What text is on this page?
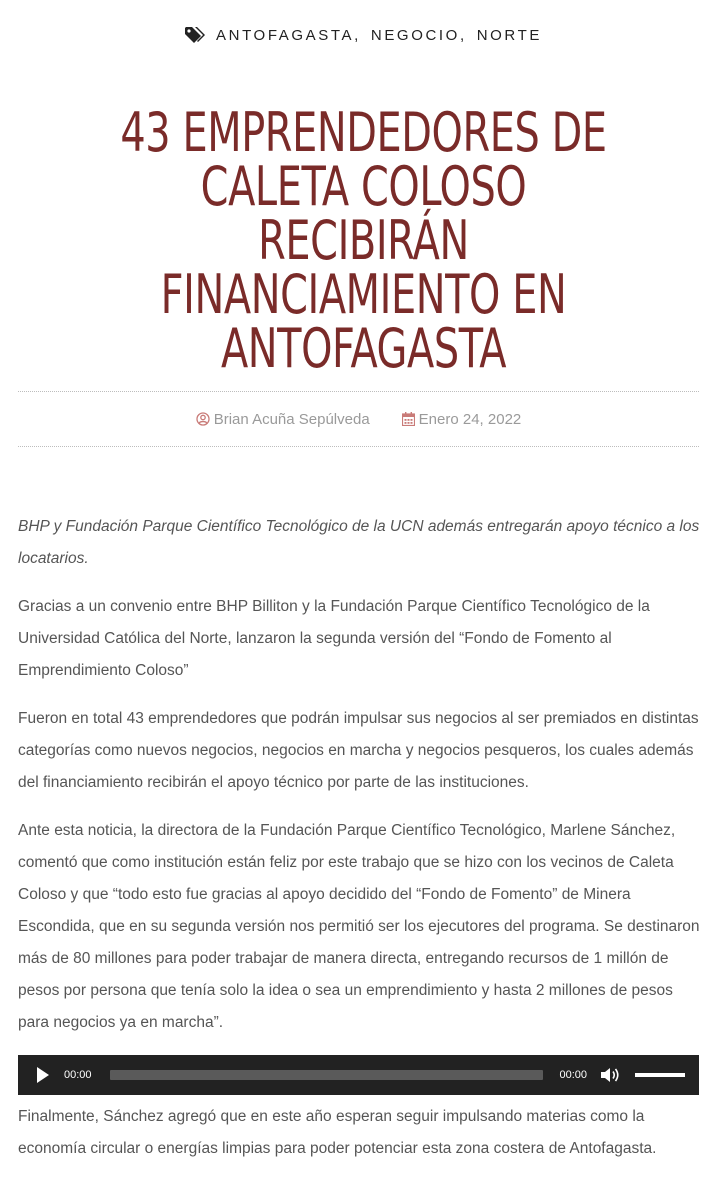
ANTOFAGASTA , NEGOCIO , NORTE
43 EMPRENDEDORES DE CALETA COLOSO RECIBIRÁN FINANCIAMIENTO EN ANTOFAGASTA
Brian Acuña Sepúlveda	Enero 24, 2022

BHP y Fundación Parque Científico Tecnológico de la UCN además entregarán apoyo técnico a los locatarios.

Gracias a un convenio entre BHP Billiton y la Fundación Parque Científico Tecnológico de la Universidad Católica del Norte, lanzaron la segunda versión del “Fondo de Fomento al Emprendimiento Coloso”

Fueron en total 43 emprendedores que podrán impulsar sus negocios al ser premiados en distintas categorías como nuevos negocios, negocios en marcha y negocios pesqueros, los cuales además del financiamiento recibirán el apoyo técnico por parte de las instituciones.

Ante esta noticia, la directora de la Fundación Parque Científico Tecnológico, Marlene Sánchez, comentó que como institución están feliz por este trabajo que se hizo con los vecinos de Caleta Coloso y que “todo esto fue gracias al apoyo decidido del “Fondo de Fomento” de Minera Escondida, que en su segunda versión nos permitió ser los ejecutores del programa. Se destinaron más de 80 millones para poder trabajar de manera directa, entregando recursos de 1 millón de pesos por persona que tenía solo la idea o sea un emprendimiento y hasta 2 millones de pesos para negocios ya en marcha”.

00:00	00:00

Finalmente, Sánchez agregó que en este año esperan seguir impulsando materias como la economía circular o energías limpias para poder potenciar esta zona costera de Antofagasta.
